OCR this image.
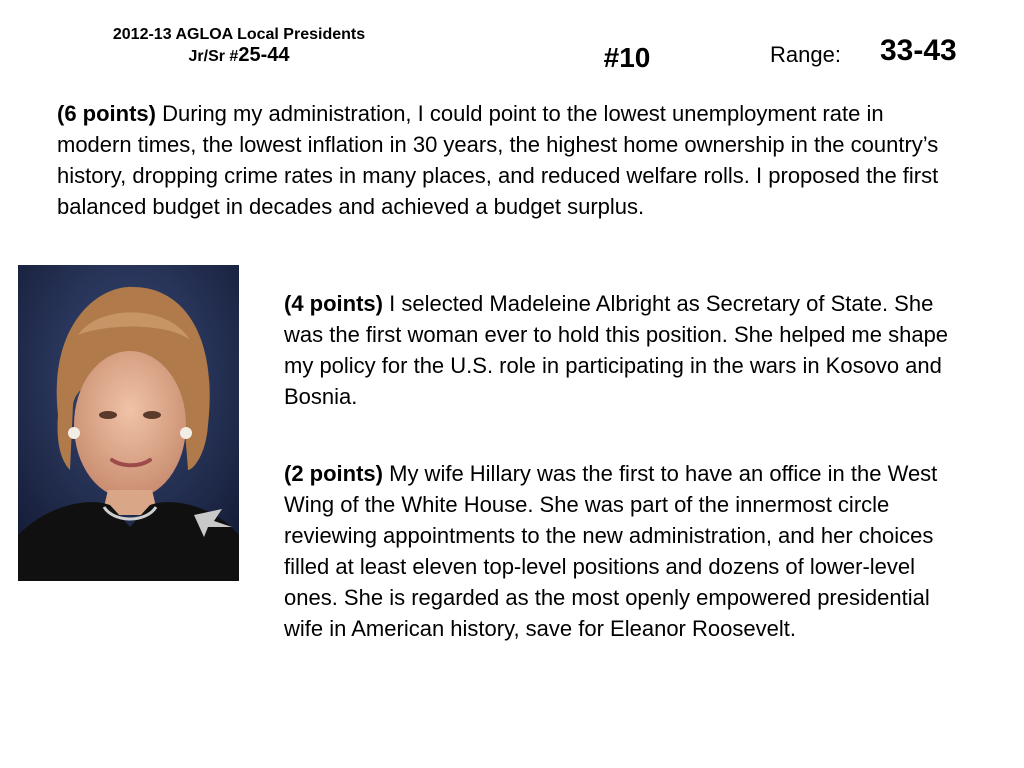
2012-13 AGLOA Local Presidents
Jr/Sr #25-44	#10	Range: 33-43

(6 points) During my administration, I could point to the lowest unemployment rate in modern times, the lowest inflation in 30 years, the highest home ownership in the country’s history, dropping crime rates in many places, and reduced welfare rolls. I proposed the first balanced budget in decades and achieved a budget surplus.

(4 points) I selected Madeleine Albright as Secretary of State. She was the first woman ever to hold this position. She helped me shape my policy for the U.S. role in participating in the wars in Kosovo and Bosnia.

(2 points) My wife Hillary was the first to have an office in the West Wing of the White House. She was part of the innermost circle reviewing appointments to the new administration, and her choices filled at least eleven top-level positions and dozens of lower-level ones. She is regarded as the most openly empowered presidential wife in American history, save for Eleanor Roosevelt.
